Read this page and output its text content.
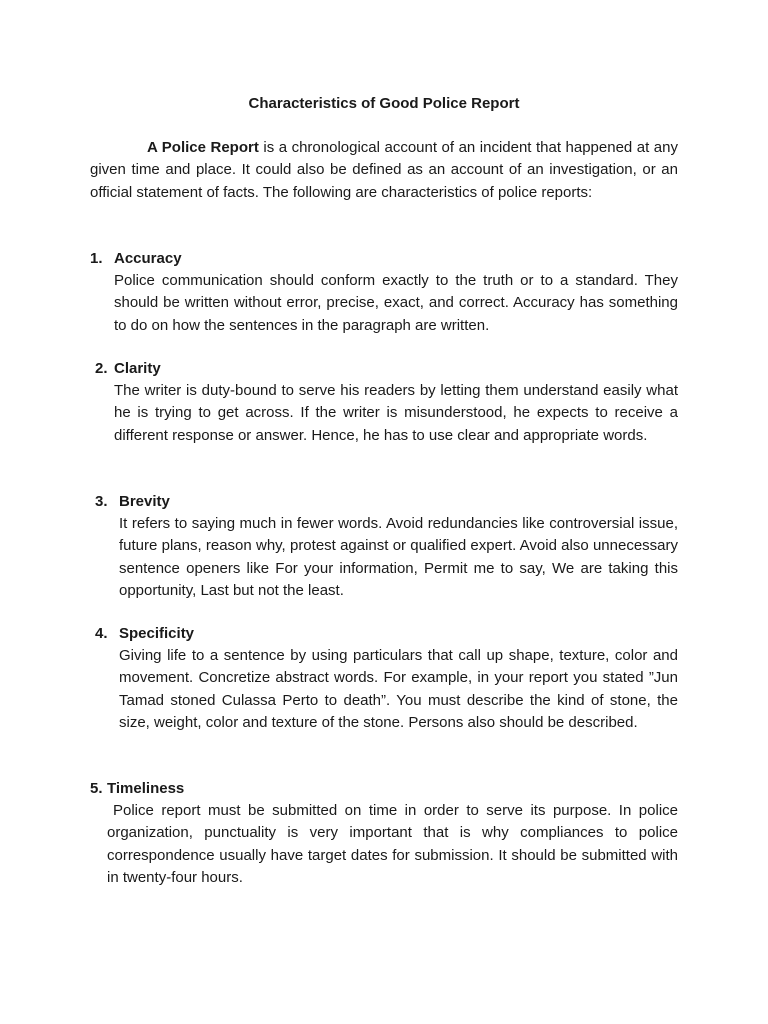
Characteristics of Good Police Report
A Police Report is a chronological account of an incident that happened at any given time and place. It could also be defined as an account of an investigation, or an official statement of facts. The following are characteristics of police reports:
1. Accuracy
Police communication should conform exactly to the truth or to a standard. They should be written without error, precise, exact, and correct. Accuracy has something to do on how the sentences in the paragraph are written.
2. Clarity
The writer is duty-bound to serve his readers by letting them understand easily what he is trying to get across. If the writer is misunderstood, he expects to receive a different response or answer. Hence, he has to use clear and appropriate words.
3. Brevity
It refers to saying much in fewer words. Avoid redundancies like controversial issue, future plans, reason why, protest against or qualified expert. Avoid also unnecessary sentence openers like For your information, Permit me to say, We are taking this opportunity, Last but not the least.
4. Specificity
Giving life to a sentence by using particulars that call up shape, texture, color and movement. Concretize abstract words. For example, in your report you stated ”Jun Tamad stoned Culassa Perto to death”. You must describe the kind of stone, the size, weight, color and texture of the stone. Persons also should be described.
5. Timeliness
Police report must be submitted on time in order to serve its purpose. In police organization, punctuality is very important that is why compliances to police correspondence usually have target dates for submission. It should be submitted with in twenty-four hours.
